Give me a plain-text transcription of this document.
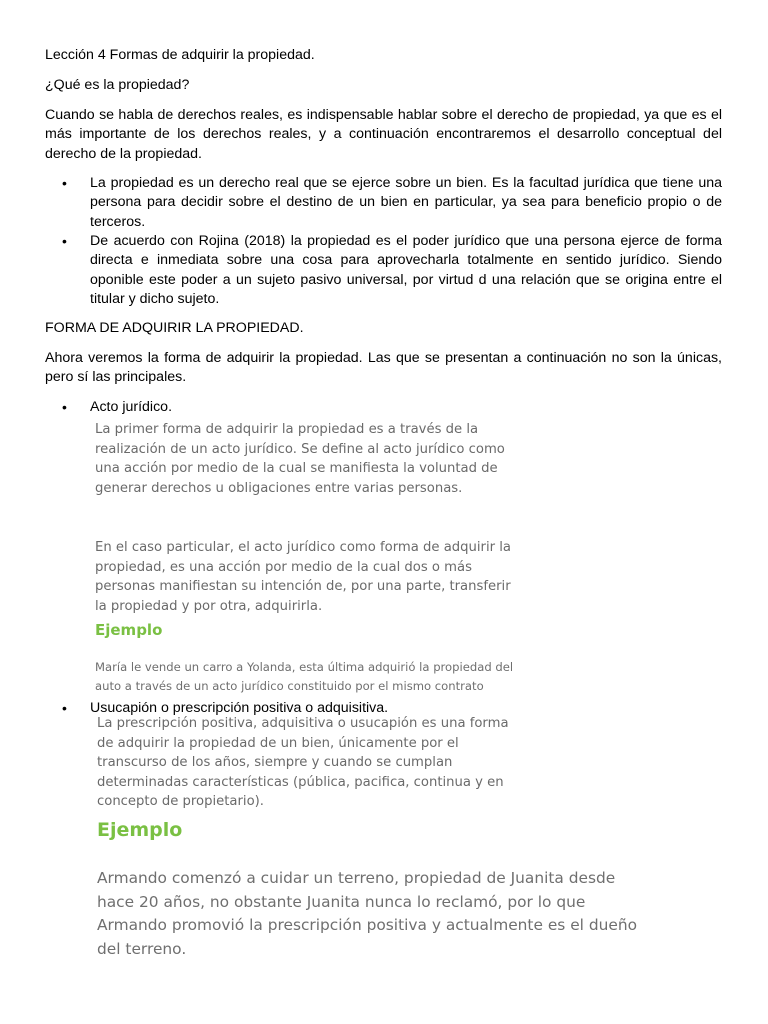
Lección 4 Formas de adquirir la propiedad.
¿Qué es la propiedad?
Cuando se habla de derechos reales, es indispensable hablar sobre el derecho de propiedad, ya que es el más importante de los derechos reales, y a continuación encontraremos el desarrollo conceptual del derecho de la propiedad.
•	La propiedad es un derecho real que se ejerce sobre un bien. Es la facultad jurídica que tiene una persona para decidir sobre el destino de un bien en particular, ya sea para beneficio propio o de terceros.
•	De acuerdo con Rojina (2018) la propiedad es el poder jurídico que una persona ejerce de forma directa e inmediata sobre una cosa para aprovecharla totalmente en sentido jurídico. Siendo oponible este poder a un sujeto pasivo universal, por virtud d una relación que se origina entre el titular y dicho sujeto.
FORMA DE ADQUIRIR LA PROPIEDAD.
Ahora veremos la forma de adquirir la propiedad. Las que se presentan a continuación no son la únicas, pero sí las principales.
•	Acto jurídico.

La primer forma de adquirir la propiedad es a través de la realización de un acto jurídico. Se define al acto jurídico como una acción por medio de la cual se manifiesta la voluntad de generar derechos u obligaciones entre varias personas.

En el caso particular, el acto jurídico como forma de adquirir la propiedad, es una acción por medio de la cual dos o más personas manifiestan su intención de, por una parte, transferir la propiedad y por otra, adquirirla.

Ejemplo
María le vende un carro a Yolanda, esta última adquirió la propiedad del auto a través de un acto jurídico constituido por el mismo contrato
•	Usucapión o prescripción positiva o adquisitiva.
La prescripción positiva, adquisitiva o usucapión es una forma de adquirir la propiedad de un bien, únicamente por el transcurso de los años, siempre y cuando se cumplan determinadas características (pública, pacifica, continua y en concepto de propietario).
Ejemplo
Armando comenzó a cuidar un terreno, propiedad de Juanita desde hace 20 años, no obstante Juanita nunca lo reclamó, por lo que Armando promovió la prescripción positiva y actualmente es el dueño del terreno.
